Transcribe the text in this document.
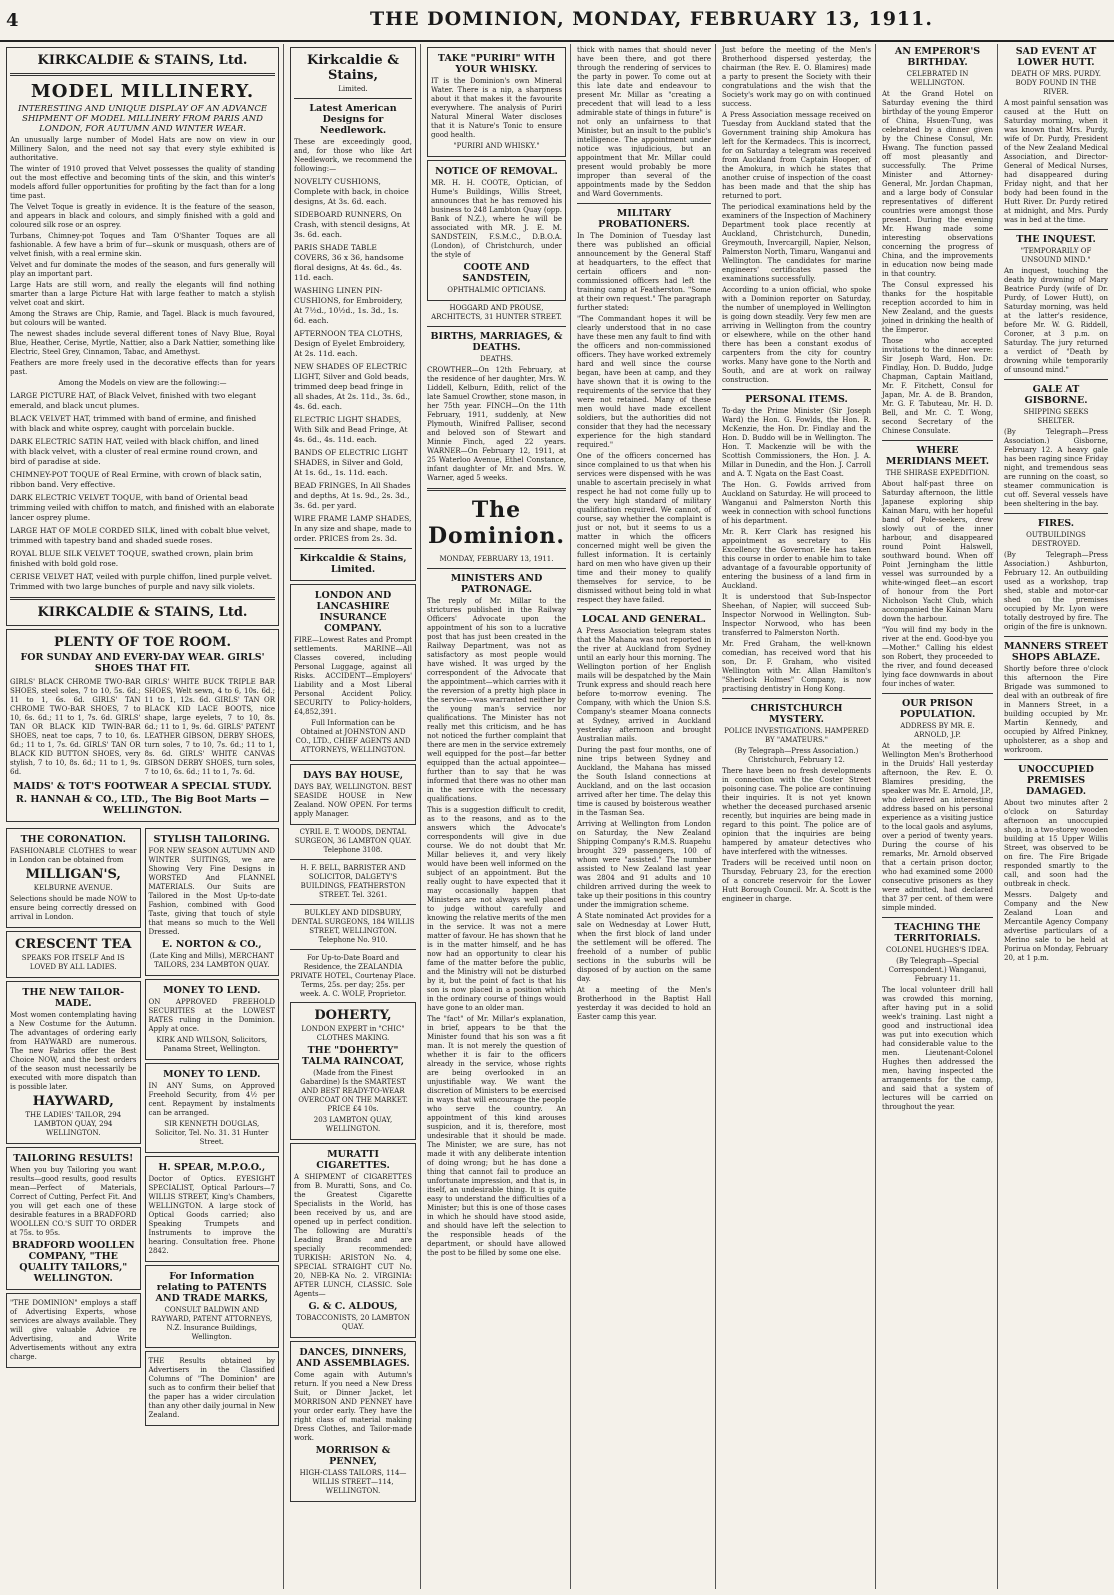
4	THE DOMINION, MONDAY, FEBRUARY 13, 1911.
KIRKCALDIE & STAINS, Ltd.
MODEL MILLINERY.
INTERESTING AND UNIQUE DISPLAY OF AN ADVANCE SHIPMENT OF MODEL MILLINERY FROM PARIS AND LONDON, FOR AUTUMN AND WINTER WEAR.
An unusually large number of Model Hats are now on view in our Millinery Salon, and the need not say that every style exhibited is authoritative.
The winter of 1910 proved that Velvet possesses the quality of standing out the most effective and becoming tints of the skin, and this winter's models afford fuller opportunities for profiting by the fact than for a long time past.
The Velvet Toque is greatly in evidence. It is the feature of the season, and appears in black and colours, and simply finished with a gold and coloured silk rose or an osprey.
Turbans, Chimney-pot Toques and Tam O'Shanter Toques are all fashionable. A few have a brim of fur—skunk or musquash, others are of velvet finish, with a real ermine skin.
Velvet and fur dominate the modes of the season, and furs generally will play an important part.
Large Hats are still worn, and really the elegants will find nothing smarter than a large Picture Hat with large feather to match a stylish velvet coat and skirt.
Among the Straws are Chip, Ramie, and Tagel. Black is much favoured, but colours will be wanted.
The newest shades include several different tones of Navy Blue, Royal Blue, Heather, Cerise, Myrtle, Nattier, also a Dark Nattier, something like Electric, Steel Grey, Cinnamon, Tabac, and Amethyst.
Feathers are more freely used in the decorative effects than for years past.
Among the Models on view are the following:—
LARGE PICTURE HAT, of Black Velvet, finished with two elegant emerald, and black uncut plumes.
BLACK VELVET HAT, trimmed with band of ermine, and finished with black and white osprey, caught with porcelain buckle.
DARK ELECTRIC SATIN HAT, veiled with black chiffon, and lined with black velvet, with a cluster of real ermine round crown, and bird of paradise at side.
CHIMNEY-POT TOQUE of Real Ermine, with crown of black satin, ribbon band. Very effective.
DARK ELECTRIC VELVET TOQUE, with band of Oriental bead trimming veiled with chiffon to match, and finished with an elaborate lancer osprey plume.
LARGE HAT OF MOLE CORDED SILK, lined with cobalt blue velvet, trimmed with tapestry band and shaded suede roses.
ROYAL BLUE SILK VELVET TOQUE, swathed crown, plain brim finished with bold gold rose.
CERISE VELVET HAT, veiled with purple chiffon, lined purple velvet. Trimmed with two large bunches of purple and navy silk violets.
KIRKCALDIE & STAINS, Ltd.
PLENTY OF TOE ROOM.
FOR SUNDAY AND EVERY-DAY WEAR. GIRLS' SHOES THAT FIT.
GIRLS' BLACK CHROME TWO-BAR SHOES, steel soles, 7 to 10, 5s. 6d.; 11 to 1, 6s. 6d. GIRLS' TAN CHROME TWO-BAR SHOES, 7 to 10, 6s. 6d.; 11 to 1, 7s. 6d. GIRLS' TAN OR BLACK KID TWIN-BAR SHOES, neat toe caps, 7 to 10, 6s. 6d.; 11 to 1, 7s. 6d. GIRLS' TAN OR BLACK KID BUTTON SHOES, very stylish, 7 to 10, 8s. 6d.; 11 to 1, 9s. 6d.
GIRLS' WHITE BUCK TRIPLE BAR SHOES, Welt sewn, 4 to 6, 10s. 6d.; 11 to 1, 12s. 6d. GIRLS' TAN OR BLACK KID LACE BOOTS, nice shape, large eyelets, 7 to 10, 8s. 6d.; 11 to 1, 9s. 6d. GIRLS' PATENT LEATHER GIBSON, DERBY SHOES, turn soles, 7 to 10, 7s. 6d.; 11 to 1, 8s. 6d. GIRLS' WHITE CANVAS GIBSON DERBY SHOES, turn soles, 7 to 10, 6s. 6d.; 11 to 1, 7s. 6d.
MAIDS' & TOT'S FOOTWEAR A SPECIAL STUDY.
R. HANNAH & CO., LTD., The Big Boot Marts — WELLINGTON.
THE CORONATION.
FASHIONABLE CLOTHES to wear in London can be obtained from
MILLIGAN'S,
KELBURNE AVENUE.
Selections should be made NOW to ensure being correctly dressed on arrival in London.
CRESCENT TEA
SPEAKS FOR ITSELF And IS LOVED BY ALL LADIES.
THE NEW TAILOR-MADE.
Most women contemplating having a New Costume for the Autumn. The advantages of ordering early from HAYWARD are numerous. The new Fabrics offer the Best Choice NOW, and the best orders of the season must necessarily be executed with more dispatch than is possible later.
HAYWARD,
THE LADIES' TAILOR, 294 LAMBTON QUAY, 294 WELLINGTON.
TAILORING RESULTS!
When you buy Tailoring you want results—good results, good results mean—Perfect of Materials, Correct of Cutting, Perfect Fit. And you will get each one of these desirable features in a BRADFORD WOOLLEN CO.'S SUIT TO ORDER at 75s. to 95s.
BRADFORD WOOLLEN COMPANY, "THE QUALITY TAILORS," WELLINGTON.
"THE DOMINION" employs a staff of Advertising Experts, whose services are always available. They will give valuable Advice re Advertising, and Write Advertisements without any extra charge.
STYLISH TAILORING.
FOR NEW SEASON AUTUMN AND WINTER SUITINGS, we are Showing Very Fine Designs in WORSTED And FLANNEL MATERIALS. Our Suits are Tailored in the Most Up-to-date Fashion, combined with Good Taste, giving that touch of style that means so much to the Well Dressed.
E. NORTON & CO.,
(Late King and Mills), MERCHANT TAILORS, 234 LAMBTON QUAY.
MONEY TO LEND.
ON APPROVED FREEHOLD SECURITIES at the LOWEST RATES ruling in the Dominion. Apply at once.
KIRK AND WILSON, Solicitors, Panama Street, Wellington.
MONEY TO LEND.
IN ANY Sums, on Approved Freehold Security, from 4½ per cent. Repayment by instalments can be arranged.
SIR KENNETH DOUGLAS, Solicitor, Tel. No. 31. 31 Hunter Street.
H. SPEAR, M.P.O.O.,
Doctor of Optics. EYESIGHT SPECIALIST, Optical Parlours—7 WILLIS STREET, King's Chambers, WELLINGTON. A large stock of Optical Goods carried; also Speaking Trumpets and Instruments to improve the hearing. Consultation free. Phone 2842.
For Information relating to PATENTS AND TRADE MARKS,
CONSULT BALDWIN AND RAYWARD, PATENT ATTORNEYS, N.Z. Insurance Buildings, Wellington.
THE Results obtained by Advertisers in the Classified Columns of "The Dominion" are such as to confirm their belief that the paper has a wider circulation than any other daily journal in New Zealand.
Kirkcaldie & Stains,
Limited.
Latest American Designs for Needlework.
These are exceedingly good, and, for those who like Art Needlework, we recommend the following:—
NOVELTY CUSHIONS, Complete with back, in choice designs, At 3s. 6d. each.
SIDEBOARD RUNNERS, On Crash, with stencil designs, At 3s. 6d. each.
PARIS SHADE TABLE COVERS, 36 x 36, handsome floral designs, At 4s. 6d., 4s. 11d. each.
WASHING LINEN PIN-CUSHIONS, for Embroidery, At 7½d., 10½d., 1s. 3d., 1s. 6d. each.
AFTERNOON TEA CLOTHS, Design of Eyelet Embroidery, At 2s. 11d. each.
NEW SHADES OF ELECTRIC LIGHT, Silver and Gold beads, trimmed deep bead fringe in all shades, At 2s. 11d., 3s. 6d., 4s. 6d. each.
ELECTRIC LIGHT SHADES, With Silk and Bead Fringe, At 4s. 6d., 4s. 11d. each.
BANDS OF ELECTRIC LIGHT SHADES, in Silver and Gold, At 1s. 6d., 1s. 11d. each.
BEAD FRINGES, In All Shades and depths, At 1s. 9d., 2s. 3d., 3s. 6d. per yard.
WIRE FRAME LAMP SHADES, In any size and shape, made to order. PRICES from 2s. 3d.
Kirkcaldie & Stains, Limited.
LONDON AND LANCASHIRE INSURANCE COMPANY.
FIRE—Lowest Rates and Prompt settlements. MARINE—All Classes covered, including Personal Luggage, against all Risks. ACCIDENT—Employers' Liability and a Most Liberal Personal Accident Policy. SECURITY to Policy-holders, £4,852,391.
Full Information can be Obtained at JOHNSTON AND CO., LTD., CHIEF AGENTS AND ATTORNEYS, WELLINGTON.
DAYS BAY HOUSE,
DAYS BAY, WELLINGTON. BEST SEASIDE HOUSE in New Zealand. NOW OPEN. For terms apply Manager.
CYRIL E. T. WOODS, DENTAL SURGEON, 36 LAMBTON QUAY. Telephone 3108.
H. F. BELL, BARRISTER AND SOLICITOR, DALGETY'S BUILDINGS, FEATHERSTON STREET. Tel. 3261.
BULKLEY AND DIDSBURY, DENTAL SURGEONS, 184 WILLIS STREET, WELLINGTON. Telephone No. 910.
For Up-to-Date Board and Residence, the ZEALANDIA PRIVATE HOTEL, Courtenay Place. Terms, 25s. per day; 25s. per week. A. C. WOLF, Proprietor.
DOHERTY,
LONDON EXPERT in "CHIC" CLOTHES MAKING.
THE "DOHERTY" TALMA RAINCOAT,
(Made from the Finest Gabardine) Is the SMARTEST AND BEST READY-TO-WEAR OVERCOAT ON THE MARKET. PRICE £4 10s.
203 LAMBTON QUAY, WELLINGTON.
MURATTI CIGARETTES.
A SHIPMENT of CIGARETTES from B. Muratti, Sons, and Co. the Greatest Cigarette Specialists in the World, has been received by us, and are opened up in perfect condition. The following are Muratti's Leading Brands and are specially recommended: TURKISH: ARISTON No. 4, SPECIAL STRAIGHT CUT No. 20, NEB-KA No. 2. VIRGINIA: AFTER LUNCH, CLASSIC. Sole Agents—
G. & C. ALDOUS,
TOBACCONISTS, 20 LAMBTON QUAY.
DANCES, DINNERS, AND ASSEMBLAGES.
Come again with Autumn's return. If you need a New Dress Suit, or Dinner Jacket, let MORRISON AND PENNEY have your order early. They have the right class of material making Dress Clothes, and Tailor-made work.
MORRISON & PENNEY,
HIGH-CLASS TAILORS, 114—WILLIS STREET—114, WELLINGTON.
TAKE "PURIRI" WITH YOUR WHISKY.
IT is the Dominion's own Mineral Water. There is a nip, a sharpness about it that makes it the favourite everywhere. The analysis of Puriri Natural Mineral Water discloses that it is Nature's Tonic to ensure good health.
"PURIRI AND WHISKY."
NOTICE OF REMOVAL.
MR. H. H. COOTE, Optician, of Hume's Buildings, Willis Street, announces that he has removed his business to 248 Lambton Quay (opp. Bank of N.Z.), where he will be associated with MR. J. E. M. SANDSTEIN, F.S.M.C., D.B.O.A. (London), of Christchurch, under the style of
COOTE AND SANDSTEIN,
OPHTHALMIC OPTICIANS.
HOGGARD AND PROUSE, ARCHITECTS, 31 HUNTER STREET.
BIRTHS, MARRIAGES, & DEATHS.
DEATHS.
CROWTHER—On 12th February, at the residence of her daughter, Mrs. W. Liddell, Kelburn, Edith, relict of the late Samuel Crowther, stone mason, in her 75th year. FINCH—On the 11th February, 1911, suddenly, at New Plymouth, Winifred Palliser, second and beloved son of Stewart and Minnie Finch, aged 22 years. WARNER—On February 12, 1911, at 25 Waterloo Avenue, Ethel Constance, infant daughter of Mr. and Mrs. W. Warner, aged 5 weeks.
The Dominion.
MONDAY, FEBRUARY 13, 1911.
MINISTERS AND PATRONAGE.
The reply of Mr. Millar to the strictures published in the Railway Officers' Advocate upon the appointment of his son to a lucrative post that has just been created in the Railway Department, was not as satisfactory as most people would have wished. It was urged by the correspondent of the Advocate that the appointment—which carries with it the reversion of a pretty high place in the service—was warranted neither by the young man's service nor qualifications. The Minister has not really met this criticism, and he has not noticed the further complaint that there are men in the service extremely well equipped for the post—far better equipped than the actual appointee—further than to say that he was informed that there was no other man in the service with the necessary qualifications.
This is a suggestion difficult to credit, as to the reasons, and as to the answers which the Advocate's correspondents will give in due course. We do not doubt that Mr. Millar believes it, and very likely would have been well informed on the subject of an appointment. But the really ought to have expected that it may occasionally happen that Ministers are not always well placed to judge without carefully and knowing the relative merits of the men in the service. It was not a mere matter of favour. He has shown that he is in the matter himself, and he has now had an opportunity to clear his fame of the matter before the public, and the Ministry will not be disturbed by it, but the point of fact is that his son is now placed in a position which in the ordinary course of things would have gone to an older man.
The "fact" of Mr. Millar's explanation, in brief, appears to be that the Minister found that his son was a fit man. It is not merely the question of whether it is fair to the officers already in the service, whose rights are being overlooked in an unjustifiable way. We want the discretion of Ministers to be exercised in ways that will encourage the people who serve the country. An appointment of this kind arouses suspicion, and it is, therefore, most undesirable that it should be made. The Minister, we are sure, has not made it with any deliberate intention of doing wrong; but he has done a thing that cannot fail to produce an unfortunate impression, and that is, in itself, an undesirable thing. It is quite easy to understand the difficulties of a Minister; but this is one of those cases in which he should have stood aside, and should have left the selection to the responsible heads of the department, or should have allowed the post to be filled by some one else.
thick with names that should never have been there, and got there through the rendering of services to the party in power. To come out at this late date and endeavour to present Mr. Millar as "creating a precedent that will lead to a less admirable state of things in future" is not only an unfairness to that Minister, but an insult to the public's intelligence. The appointment under notice was injudicious, but an appointment that Mr. Millar could present would probably be more improper than several of the appointments made by the Seddon and Ward Governments.
MILITARY PROBATIONERS.
In The Dominion of Tuesday last there was published an official announcement by the General Staff at headquarters, to the effect that certain officers and non-commissioned officers had left the training camp at Featherston. "Some at their own request." The paragraph further stated:
"The Commandant hopes it will be clearly understood that in no case have these men any fault to find with the officers and non-commissioned officers. They have worked extremely hard and well since the course began, have been at camp, and they have shown that it is owing to the requirements of the service that they were not retained. Many of these men would have made excellent soldiers, but the authorities did not consider that they had the necessary experience for the high standard required."
One of the officers concerned has since complained to us that when his services were dispensed with he was unable to ascertain precisely in what respect he had not come fully up to the very high standard of military qualification required. We cannot, of course, say whether the complaint is just or not, but it seems to us a matter in which the officers concerned might well be given the fullest information. It is certainly hard on men who have given up their time and their money to qualify themselves for service, to be dismissed without being told in what respect they have failed.
LOCAL AND GENERAL.
A Press Association telegram states that the Mahana was not reported in the river at Auckland from Sydney until an early hour this morning. The Wellington portion of her English mails will be despatched by the Main Trunk express and should reach here before to-morrow evening. The Company, with which the Union S.S. Company's steamer Moana connects at Sydney, arrived in Auckland yesterday afternoon and brought Australian mails.
During the past four months, one of nine trips between Sydney and Auckland, the Mahana has missed the South Island connections at Auckland, and on the last occasion arrived after her time. The delay this time is caused by boisterous weather in the Tasman Sea.
Arriving at Wellington from London on Saturday, the New Zealand Shipping Company's R.M.S. Ruapehu brought 329 passengers, 100 of whom were "assisted." The number assisted to New Zealand last year was 2804 and 91 adults and 10 children arrived during the week to take up their positions in this country under the immigration scheme.
A State nominated Act provides for a sale on Wednesday at Lower Hutt, when the first block of land under the settlement will be offered. The freehold of a number of public sections in the suburbs will be disposed of by auction on the same day.
At a meeting of the Men's Brotherhood in the Baptist Hall yesterday it was decided to hold an Easter camp this year.
Just before the meeting of the Men's Brotherhood dispersed yesterday, the chairman (the Rev. E. O. Blamires) made a party to present the Society with their congratulations and the wish that the Society's work may go on with continued success.
A Press Association message received on Tuesday from Auckland stated that the Government training ship Amokura has left for the Kermadecs. This is incorrect, for on Saturday a telegram was received from Auckland from Captain Hooper, of the Amokura, in which he states that another cruise of inspection of the coast has been made and that the ship has returned to port.
The periodical examinations held by the examiners of the Inspection of Machinery Department took place recently at Auckland, Christchurch, Dunedin, Greymouth, Invercargill, Napier, Nelson, Palmerston North, Timaru, Wanganui and Wellington. The candidates for marine engineers' certificates passed the examinations successfully.
According to a union official, who spoke with a Dominion reporter on Saturday, the number of unemployed in Wellington is going down steadily. Very few men are arriving in Wellington from the country or elsewhere, while on the other hand there has been a constant exodus of carpenters from the city for country works. Many have gone to the North and South, and are at work on railway construction.
PERSONAL ITEMS.
To-day the Prime Minister (Sir Joseph Ward) the Hon. G. Fowlds, the Hon. R. McKenzie, the Hon. Dr. Findlay and the Hon. D. Buddo will be in Wellington. The Hon. T. Mackenzie will be with the Scottish Commissioners, the Hon. J. A. Millar in Dunedin, and the Hon. J. Carroll and A. T. Ngata on the East Coast.
The Hon. G. Fowlds arrived from Auckland on Saturday. He will proceed to Wanganui and Palmerston North this week in connection with school functions of his department.
Mr. R. Kerr Clark has resigned his appointment as secretary to His Excellency the Governor. He has taken this course in order to enable him to take advantage of a favourable opportunity of entering the business of a land firm in Auckland.
It is understood that Sub-Inspector Sheehan, of Napier, will succeed Sub-Inspector Norwood in Wellington. Sub-Inspector Norwood, who has been transferred to Palmerston North.
Mr. Fred Graham, the well-known comedian, has received word that his son, Dr. F. Graham, who visited Wellington with Mr. Allan Hamilton's "Sherlock Holmes" Company, is now practising dentistry in Hong Kong.
CHRISTCHURCH MYSTERY.
POLICE INVESTIGATIONS. HAMPERED BY "AMATEURS."
(By Telegraph—Press Association.) Christchurch, February 12.
There have been no fresh developments in connection with the Coster Street poisoning case. The police are continuing their inquiries. It is not yet known whether the deceased purchased arsenic recently, but inquiries are being made in regard to this point. The police are of opinion that the inquiries are being hampered by amateur detectives who have interfered with the witnesses.
Traders will be received until noon on Thursday, February 23, for the erection of a concrete reservoir for the Lower Hutt Borough Council. Mr. A. Scott is the engineer in charge.
AN EMPEROR'S BIRTHDAY.
CELEBRATED IN WELLINGTON.
At the Grand Hotel on Saturday evening the third birthday of the young Emperor of China, Hsuen-Tung, was celebrated by a dinner given by the Chinese Consul, Mr. Hwang. The function passed off most pleasantly and successfully. The Prime Minister and Attorney-General, Mr. Jordan Chapman, and a large body of Consular representatives of different countries were amongst those present. During the evening Mr. Hwang made some interesting observations concerning the progress of China, and the improvements in education now being made in that country.
The Consul expressed his thanks for the hospitable reception accorded to him in New Zealand, and the guests joined in drinking the health of the Emperor.
Those who accepted invitations to the dinner were: Sir Joseph Ward, Hon. Dr. Findlay, Hon. D. Buddo, Judge Chapman, Captain Maitland, Mr. F. Fitchett, Consul for Japan, Mr. A. de B. Brandon, Mr. G. F. Tabuteau, Mr. H. D. Bell, and Mr. C. T. Wong, second Secretary of the Chinese Consulate.
WHERE MERIDIANS MEET.
THE SHIRASE EXPEDITION.
About half-past three on Saturday afternoon, the little Japanese exploring ship Kainan Maru, with her hopeful band of Pole-seekers, drew slowly out of the inner harbour, and disappeared round Point Halswell, southward bound. When off Point Jerningham the little vessel was surrounded by a white-winged fleet—an escort of honour from the Port Nicholson Yacht Club, which accompanied the Kainan Maru down the harbour.
"You will find my body in the river at the end. Good-bye you—Mother." Calling his eldest son Robert, they proceeded to the river, and found deceased lying face downwards in about four inches of water.
OUR PRISON POPULATION.
ADDRESS BY MR. E. ARNOLD, J.P.
At the meeting of the Wellington Men's Brotherhood in the Druids' Hall yesterday afternoon, the Rev. E. O. Blamires presiding, the speaker was Mr. E. Arnold, J.P., who delivered an interesting address based on his personal experience as a visiting justice to the local gaols and asylums, over a period of twenty years. During the course of his remarks, Mr. Arnold observed that a certain prison doctor, who had examined some 2000 consecutive prisoners as they were admitted, had declared that 37 per cent. of them were simple minded.
TEACHING THE TERRITORIALS.
COLONEL HUGHES'S IDEA.
(By Telegraph—Special Correspondent.) Wanganui, February 11.
The local volunteer drill hall was crowded this morning, after having put in a solid week's training. Last night a good and instructional idea was put into execution which had considerable value to the men. Lieutenant-Colonel Hughes then addressed the men, having inspected the arrangements for the camp, and said that a system of lectures will be carried on throughout the year.
SAD EVENT AT LOWER HUTT.
DEATH OF MRS. PURDY. BODY FOUND IN THE RIVER.
A most painful sensation was caused at the Hutt on Saturday morning, when it was known that Mrs. Purdy, wife of Dr. Purdy, President of the New Zealand Medical Association, and Director-General of Medical Nurses, had disappeared during Friday night, and that her body had been found in the Hutt River. Dr. Purdy retired at midnight, and Mrs. Purdy was in bed at the time.
THE INQUEST.
"TEMPORARILY OF UNSOUND MIND."
An inquest, touching the death by drowning of Mary Beatrice Purdy (wife of Dr. Purdy, of Lower Hutt), on Saturday morning, was held at the latter's residence, before Mr. W. G. Riddell, Coroner, at 3 p.m. on Saturday. The jury returned a verdict of "Death by drowning while temporarily of unsound mind."
GALE AT GISBORNE.
SHIPPING SEEKS SHELTER.
(By Telegraph—Press Association.) Gisborne, February 12. A heavy gale has been raging since Friday night, and tremendous seas are running on the coast, so steamer communication is cut off. Several vessels have been sheltering in the bay.
FIRES.
OUTBUILDINGS DESTROYED.
(By Telegraph—Press Association.) Ashburton, February 12. An outbuilding used as a workshop, trap shed, stable and motor-car shed on the premises occupied by Mr. Lyon were totally destroyed by fire. The origin of the fire is unknown.
MANNERS STREET SHOPS ABLAZE.
Shortly before three o'clock this afternoon the Fire Brigade was summoned to deal with an outbreak of fire in Manners Street, in a building occupied by Mr. Martin Kennedy, and occupied by Alfred Pinkney, upholsterer, as a shop and workroom.
UNOCCUPIED PREMISES DAMAGED.
About two minutes after 2 o'clock on Saturday afternoon an unoccupied shop, in a two-storey wooden building at 15 Upper Willis Street, was observed to be on fire. The Fire Brigade responded smartly to the call, and soon had the outbreak in check.
Messrs. Dalgety and Company and the New Zealand Loan and Mercantile Agency Company advertise particulars of a Merino sale to be held at Porirua on Monday, February 20, at 1 p.m.
